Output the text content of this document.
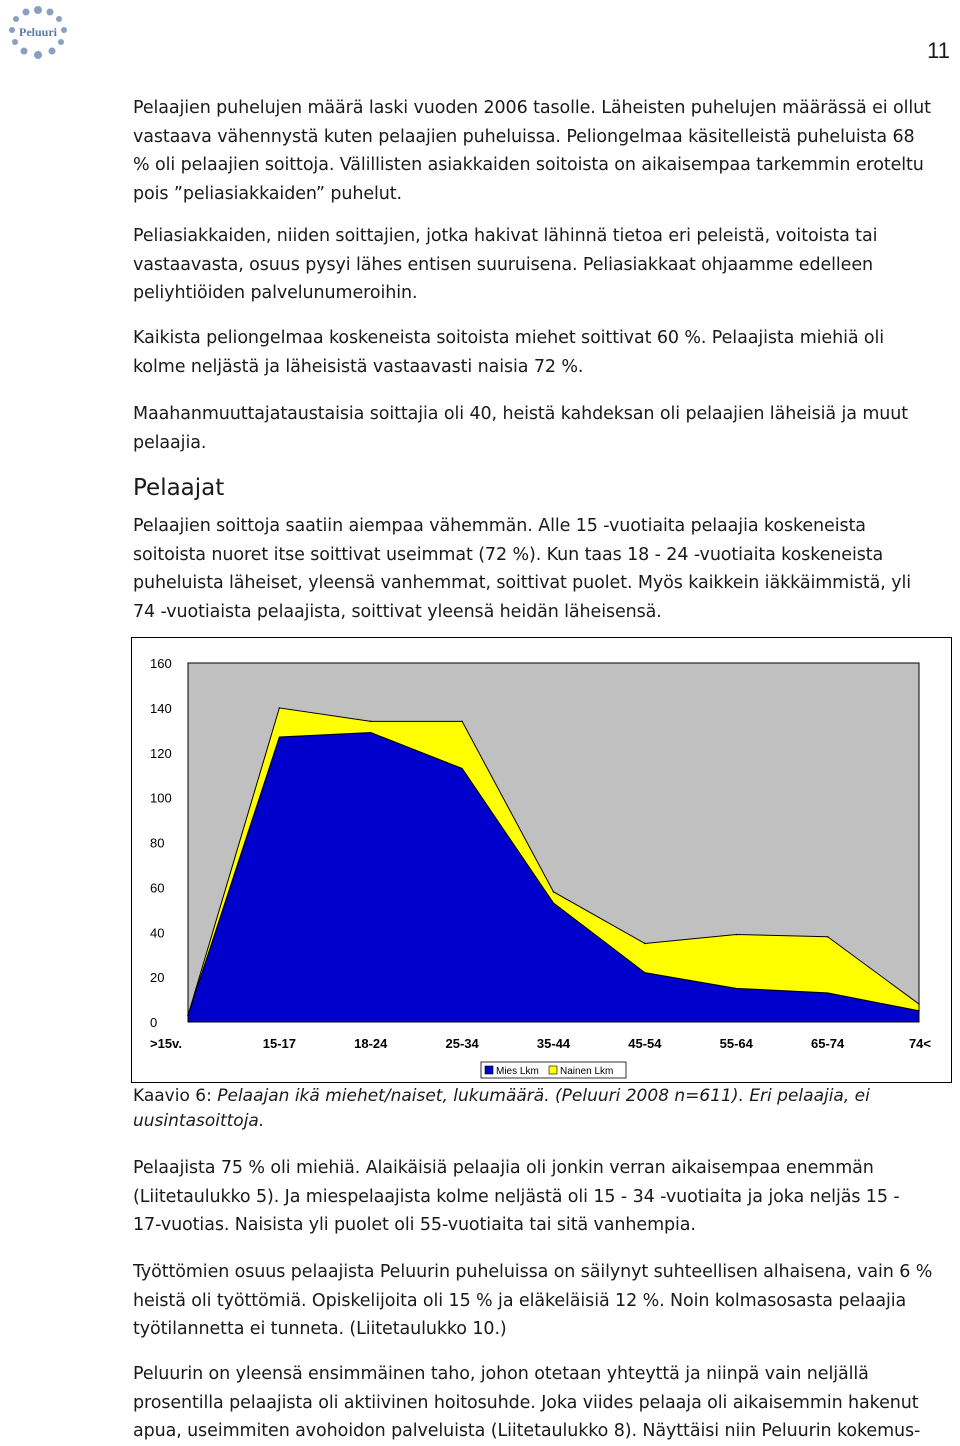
Peluuri
11

Pelaajien puhelujen määrä laski vuoden 2006 tasolle. Läheisten puhelujen määrässä ei ollut vastaava vähennystä kuten pelaajien puheluissa. Peliongelmaa käsitelleistä puheluista 68 % oli pelaajien soittoja. Välillisten asiakkaiden soitoista on aikaisempaa tarkemmin eroteltu pois ”peliasiakkaiden” puhelut.

Peliasiakkaiden, niiden soittajien, jotka hakivat lähinnä tietoa eri peleistä, voitoista tai vastaavasta, osuus pysyi lähes entisen suuruisena. Peliasiakkaat ohjaamme edelleen peliyhtiöiden palvelunumeroihin.

Kaikista peliongelmaa koskeneista soitoista miehet soittivat 60 %. Pelaajista miehiä oli kolme neljästä ja läheisistä vastaavasti naisia 72 %.

Maahanmuuttajataustaisia soittajia oli 40, heistä kahdeksan oli pelaajien läheisiä ja muut pelaajia.

Pelaajat

Pelaajien soittoja saatiin aiempaa vähemmän. Alle 15 -vuotiaita pelaajia koskeneista soitoista nuoret itse soittivat useimmat (72 %). Kun taas 18 - 24 -vuotiaita koskeneista puheluista läheiset, yleensä vanhemmat, soittivat puolet. Myös kaikkein iäkkäimmistä, yli 74 -vuotiaista pelaajista, soittivat yleensä heidän läheisensä.

0
20
40
60
80
100
120
140
160
>15v.	15-17	18-24	25-34	35-44	45-54	55-64	65-74	74<
Mies Lkm Nainen Lkm

Kaavio 6: Pelaajan ikä miehet/naiset, lukumäärä. (Peluuri 2008 n=611). Eri pelaajia, ei uusintasoittoja.

Pelaajista 75 % oli miehiä. Alaikäisiä pelaajia oli jonkin verran aikaisempaa enemmän (Liitetaulukko 5). Ja miespelaajista kolme neljästä oli 15 - 34 -vuotiaita ja joka neljäs 15 - 17-vuotias. Naisista yli puolet oli 55-vuotiaita tai sitä vanhempia.

Työttömien osuus pelaajista Peluurin puheluissa on säilynyt suhteellisen alhaisena, vain 6 % heistä oli työttömiä. Opiskelijoita oli 15 % ja eläkeläisiä 12 %. Noin kolmasosasta pelaajia työtilannetta ei tunneta. (Liitetaulukko 10.)

Peluurin on yleensä ensimmäinen taho, johon otetaan yhteyttä ja niinpä vain neljällä prosentilla pelaajista oli aktiivinen hoitosuhde. Joka viides pelaaja oli aikaisemmin hakenut apua, useimmiten avohoidon palveluista (Liitetaulukko 8). Näyttäisi niin Peluurin kokemus-
